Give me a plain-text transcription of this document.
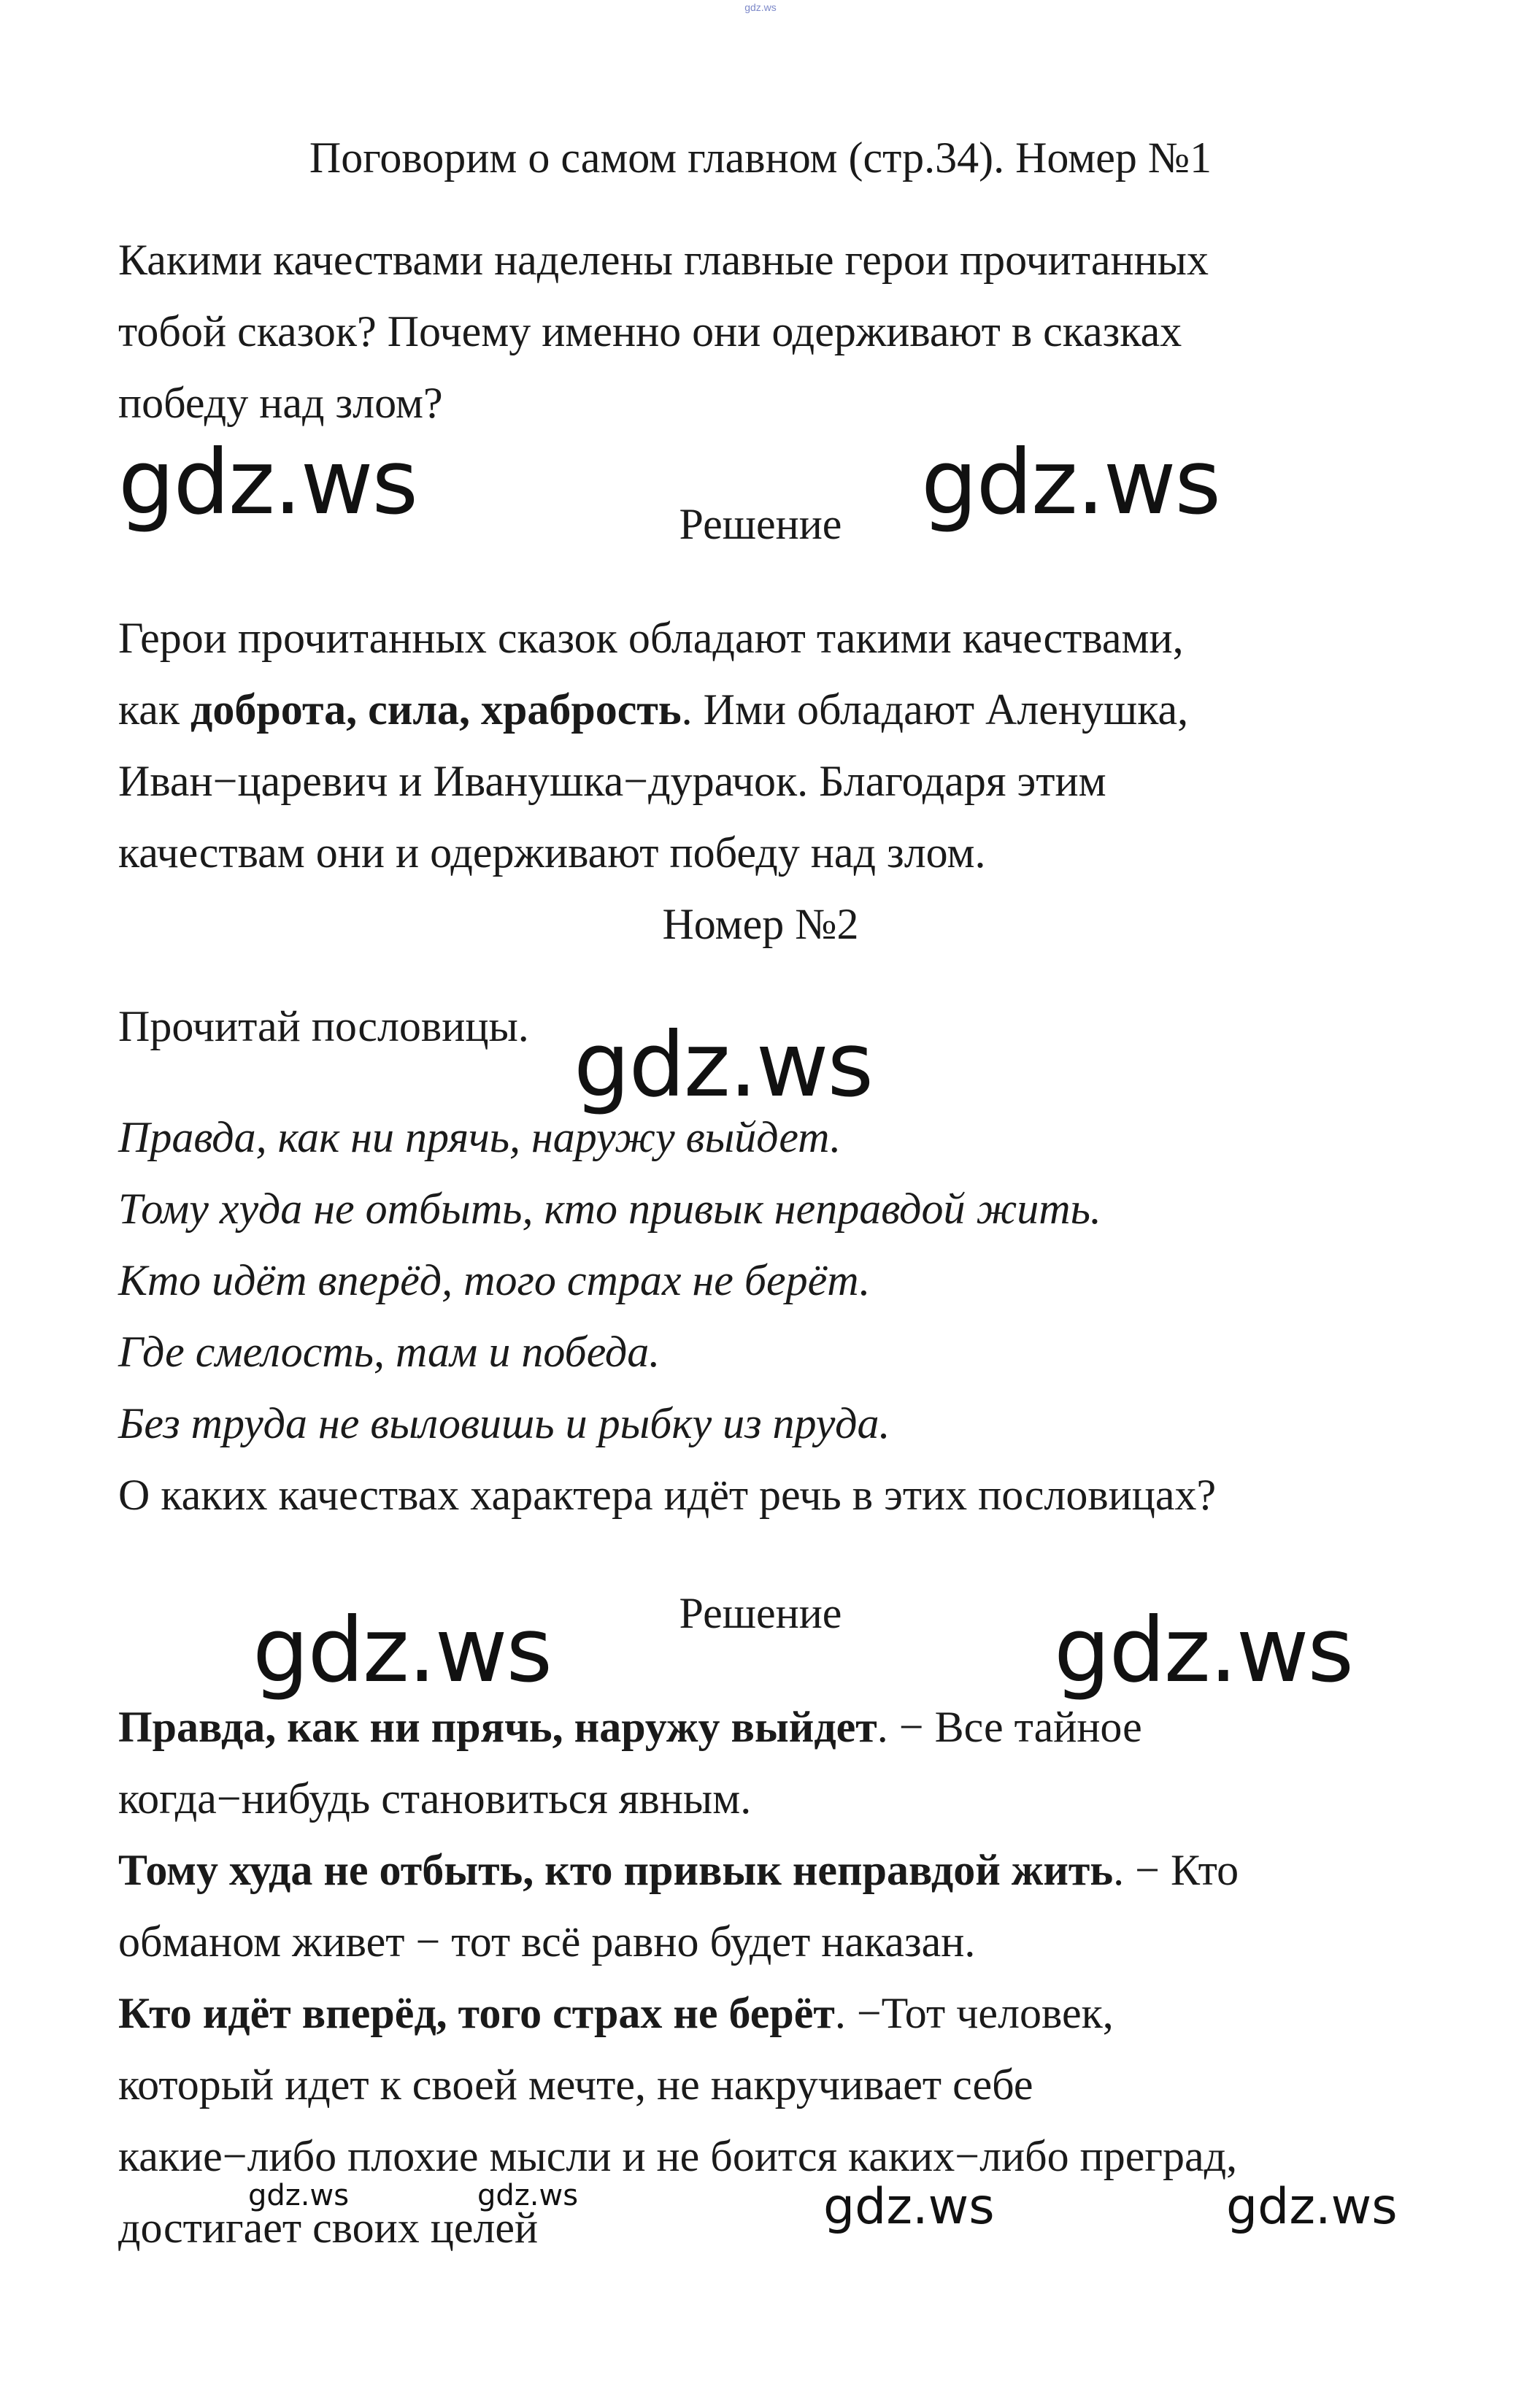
gdz.ws
Поговорим о самом главном (стр.34). Номер №1
Какими качествами наделены главные герои прочитанных
тобой сказок? Почему именно они одерживают в сказках
победу над злом?
gdz.ws	gdz.ws
Решение
Герои прочитанных сказок обладают такими качествами,
как доброта, сила, храбрость. Ими обладают Аленушка,
Иван−царевич и Иванушка−дурачок. Благодаря этим
качествам они и одерживают победу над злом.
Номер №2
Прочитай пословицы. gdz.ws
Правда, как ни прячь, наружу выйдет.
Тому худа не отбыть, кто привык неправдой жить.
Кто идёт вперёд, того страх не берёт.
Где смелость, там и победа.
Без труда не выловишь и рыбку из пруда.
О каких качествах характера идёт речь в этих пословицах?
Решение
gdz.ws	gdz.ws
Правда, как ни прячь, наружу выйдет. − Все тайное
когда−нибудь становиться явным.
Тому худа не отбыть, кто привык неправдой жить. − Кто
обманом живет − тот всё равно будет наказан.
Кто идёт вперёд, того страх не берёт. −Тот человек,
который идет к своей мечте, не накручивает себе
какие−либо плохие мысли и не боится каких−либо преград,
gdz.ws	gdz.ws	gdz.ws	gdz.ws
достигает своих целей
